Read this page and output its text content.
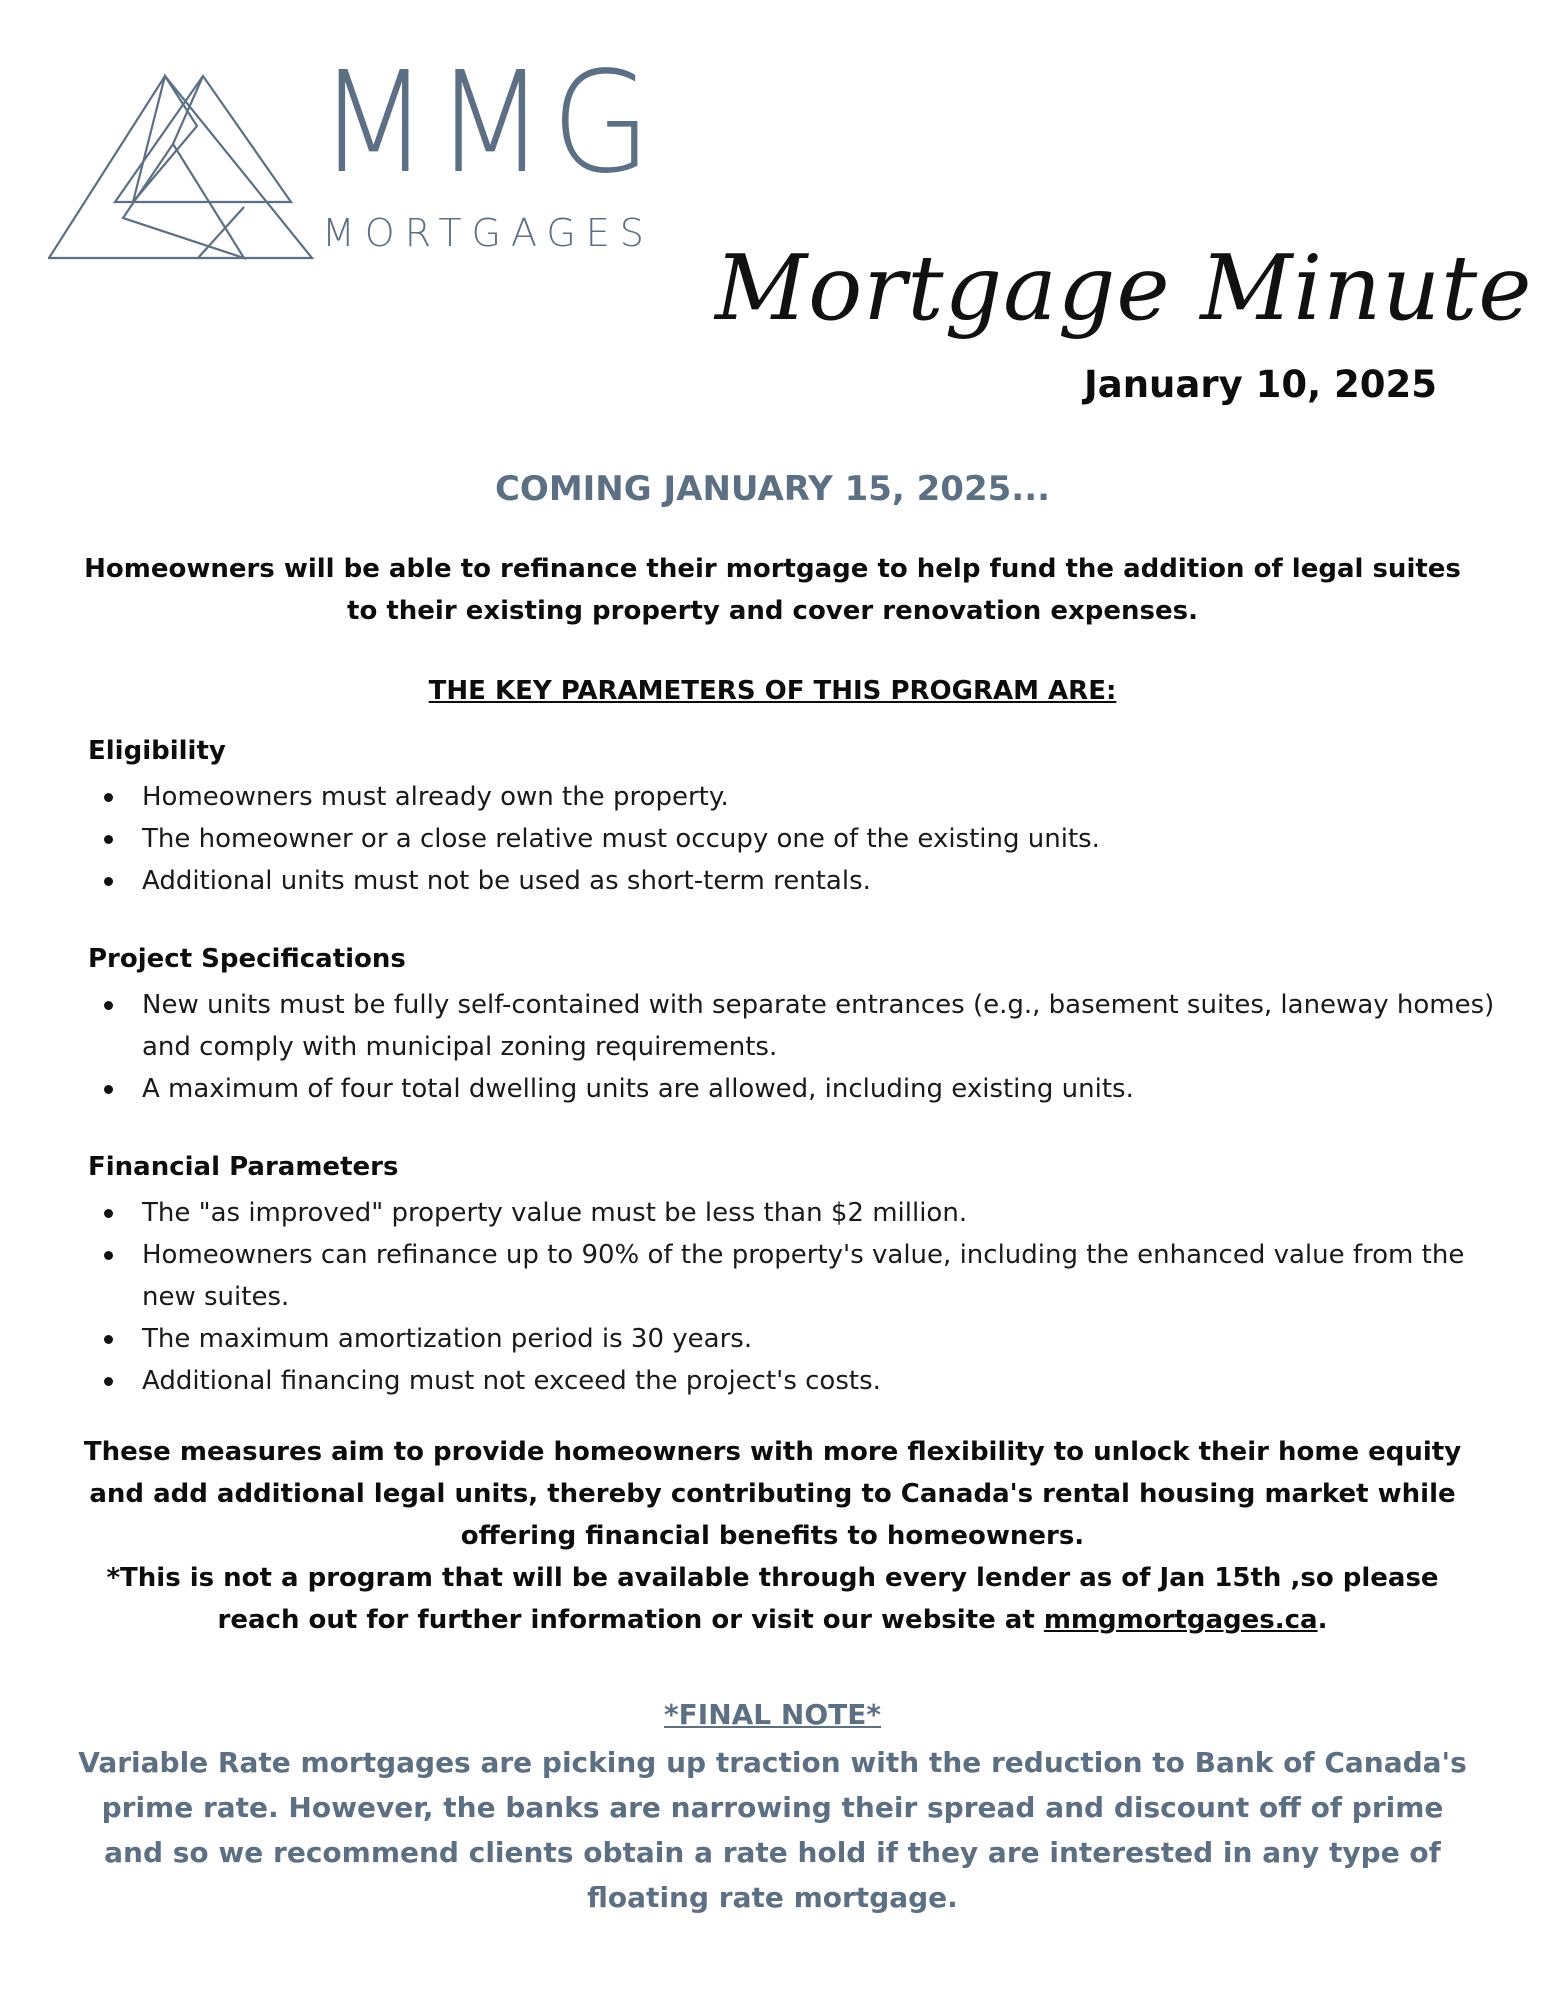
MMG
MORTGAGES
Mortgage Minute
January 10, 2025
COMING JANUARY 15, 2025...
Homeowners will be able to refinance their mortgage to help fund the addition of legal suites to their existing property and cover renovation expenses.
THE KEY PARAMETERS OF THIS PROGRAM ARE:
Eligibility
Homeowners must already own the property.
The homeowner or a close relative must occupy one of the existing units.
Additional units must not be used as short-term rentals.
Project Specifications
New units must be fully self-contained with separate entrances (e.g., basement suites, laneway homes) and comply with municipal zoning requirements.
A maximum of four total dwelling units are allowed, including existing units.
Financial Parameters
The "as improved" property value must be less than $2 million.
Homeowners can refinance up to 90% of the property's value, including the enhanced value from the new suites.
The maximum amortization period is 30 years.
Additional financing must not exceed the project's costs.
These measures aim to provide homeowners with more flexibility to unlock their home equity and add additional legal units, thereby contributing to Canada's rental housing market while offering financial benefits to homeowners.
*This is not a program that will be available through every lender as of Jan 15th ,so please reach out for further information or visit our website at mmgmortgages.ca.
*FINAL NOTE*
Variable Rate mortgages are picking up traction with the reduction to Bank of Canada's prime rate. However, the banks are narrowing their spread and discount off of prime and so we recommend clients obtain a rate hold if they are interested in any type of floating rate mortgage.
